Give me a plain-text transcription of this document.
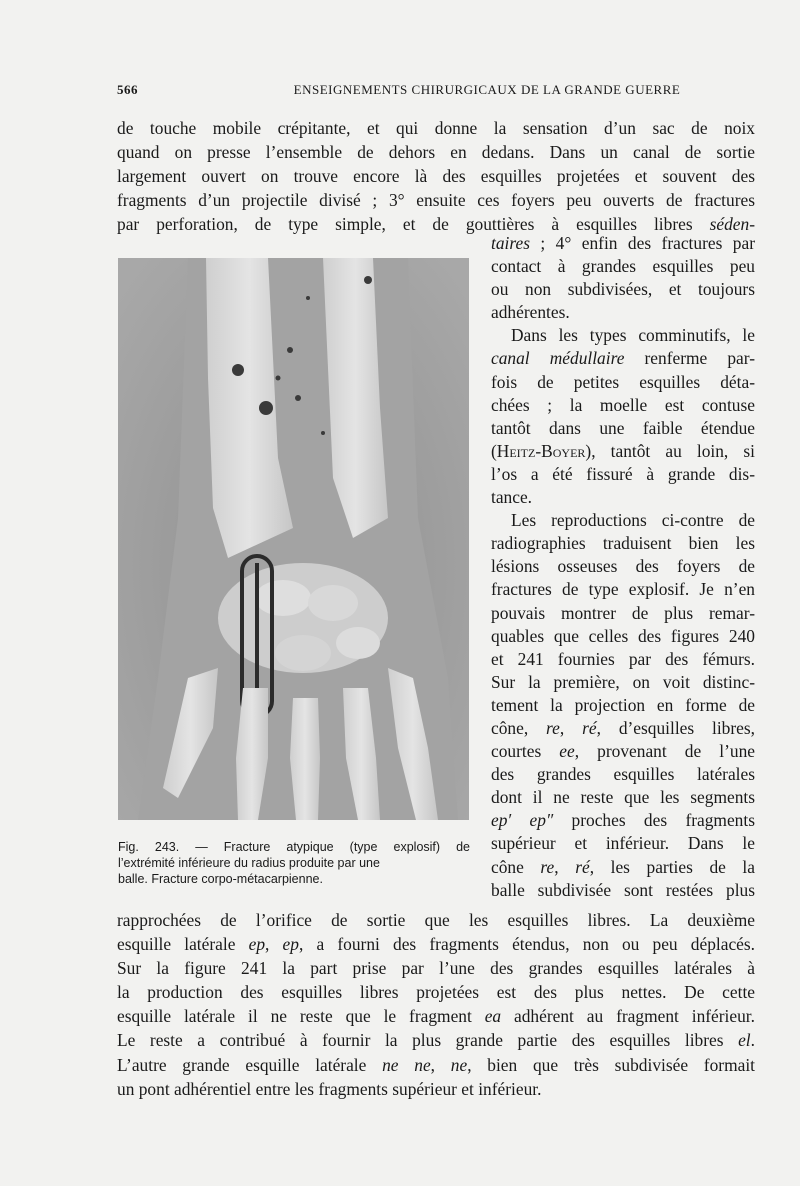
566	ENSEIGNEMENTS CHIRURGICAUX DE LA GRANDE GUERRE
de touche mobile crépitante, et qui donne la sensation d’un sac de noix
quand on presse l’ensemble de dehors en dedans. Dans un canal de sortie
largement ouvert on trouve encore là des esquilles projetées et souvent des
fragments d’un projectile divisé ; 3° ensuite ces foyers peu ouverts de fractures
par perforation, de type simple, et de gouttières à esquilles libres séden-
taires ; 4° enfin des fractures par
contact à grandes esquilles peu
ou non subdivisées, et toujours
adhérentes.
Dans les types comminutifs, le
canal médullaire renferme par-
fois de petites esquilles déta-
chées ; la moelle est contuse
tantôt dans une faible étendue
(Heitz-Boyer), tantôt au loin, si
l’os a été fissuré à grande dis-
tance.
Les reproductions ci-contre de
radiographies traduisent bien les
lésions osseuses des foyers de
fractures de type explosif. Je n’en
pouvais montrer de plus remar-
quables que celles des figures 240
et 241 fournies par des fémurs.
Sur la première, on voit distinc-
tement la projection en forme de
cône, re, ré, d’esquilles libres,
courtes ee, provenant de l’une
des grandes esquilles latérales
dont il ne reste que les segments
ep′ ep″ proches des fragments
supérieur et inférieur. Dans le
cône re, ré, les parties de la
balle subdivisée sont restées plus
Fig. 243. — Fracture atypique (type explosif) de
l’extrémité inférieure du radius produite par une
balle. Fracture corpo-métacarpienne.
rapprochées de l’orifice de sortie que les esquilles libres. La deuxième
esquille latérale ep, ep, a fourni des fragments étendus, non ou peu déplacés.
Sur la figure 241 la part prise par l’une des grandes esquilles latérales à
la production des esquilles libres projetées est des plus nettes. De cette
esquille latérale il ne reste que le fragment ea adhérent au fragment inférieur.
Le reste a contribué à fournir la plus grande partie des esquilles libres el.
L’autre grande esquille latérale ne ne, ne, bien que très subdivisée formait
un pont adhérentiel entre les fragments supérieur et inférieur.
